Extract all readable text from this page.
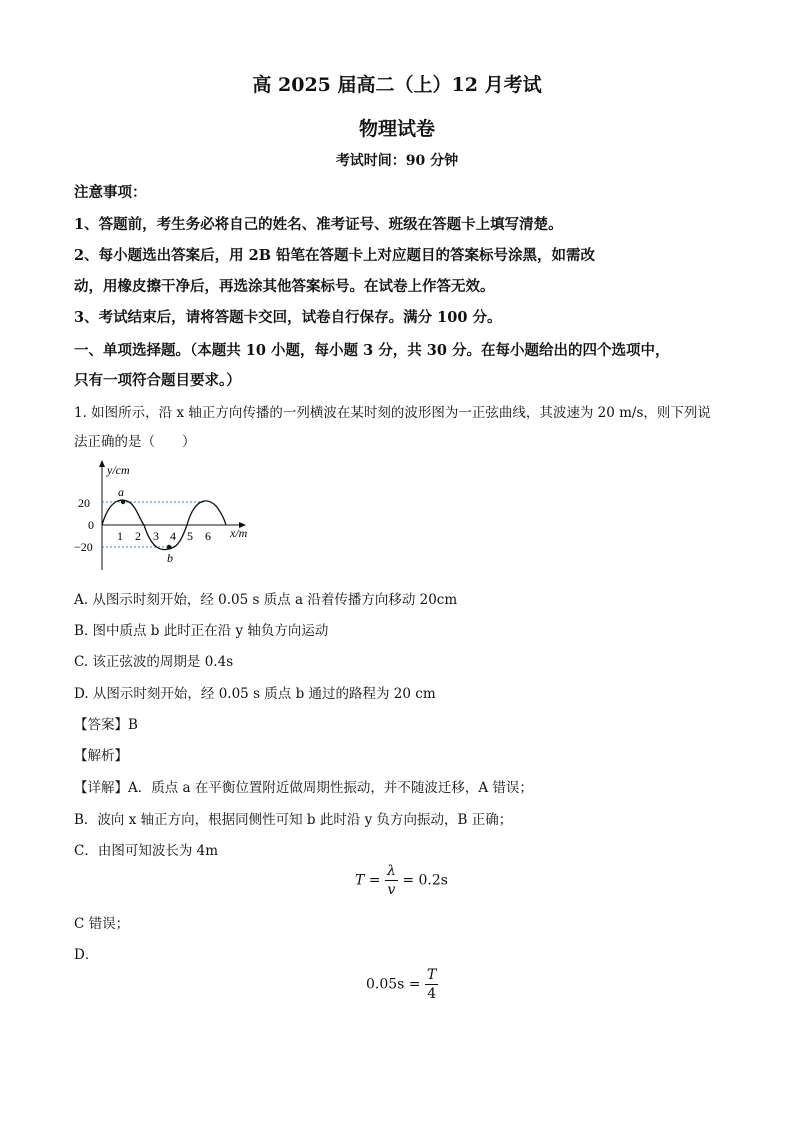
高 2025 届高二（上）12 月考试
物理试卷
考试时间：90 分钟
注意事项：
1、答题前，考生务必将自己的姓名、准考证号、班级在答题卡上填写清楚。
2、每小题选出答案后，用 2B 铅笔在答题卡上对应题目的答案标号涂黑，如需改
动，用橡皮擦干净后，再选涂其他答案标号。在试卷上作答无效。
3、考试结束后，请将答题卡交回，试卷自行保存。满分 100 分。
一、单项选择题。（本题共 10 小题，每小题 3 分，共 30 分。在每小题给出的四个选项中，
只有一项符合题目要求。）
1. 如图所示，沿 x 轴正方向传播的一列横波在某时刻的波形图为一正弦曲线，其波速为 20 m/s，则下列说
法正确的是（　　）
y/cm
20
0
−20
1 2 3 4 5 6 x/m
a
b
A. 从图示时刻开始，经 0.05 s 质点 a 沿着传播方向移动 20cm
B. 图中质点 b 此时正在沿 y 轴负方向运动
C. 该正弦波的周期是 0.4s
D. 从图示时刻开始，经 0.05 s 质点 b 通过的路程为 20 cm
【答案】B
【解析】
【详解】A．质点 a 在平衡位置附近做周期性振动，并不随波迁移，A 错误；
B．波向 x 轴正方向，根据同侧性可知 b 此时沿 y 负方向振动，B 正确；
C．由图可知波长为 4m
$T = \frac{\lambda}{v} = 0.2s$
C 错误；
D．
$0.05s = \frac{T}{4}$
